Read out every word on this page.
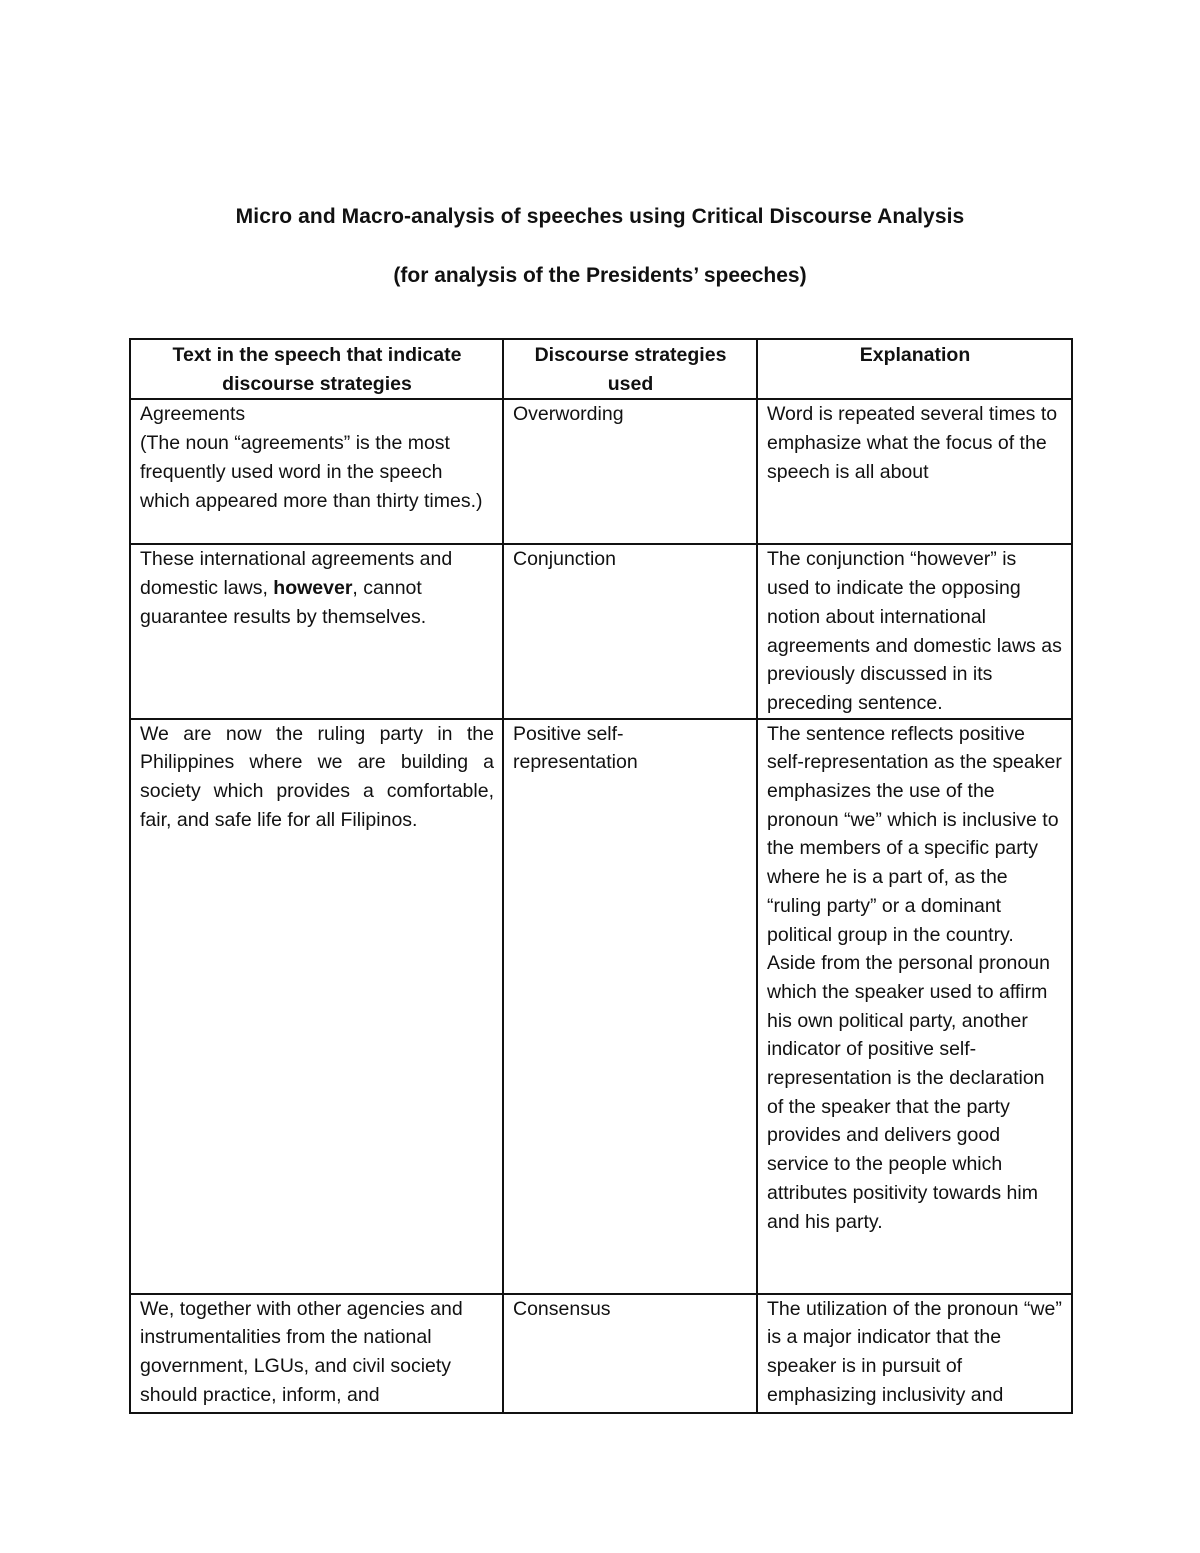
Micro and Macro-analysis of speeches using Critical Discourse Analysis
(for analysis of the Presidents’ speeches)
Text in the speech that indicate discourse strategies	Discourse strategies used	Explanation

Agreements
(The noun “agreements” is the most frequently used word in the speech which appeared more than thirty times.)	Overwording	Word is repeated several times to emphasize what the focus of the speech is all about
These international agreements and domestic laws, however, cannot guarantee results by themselves.	Conjunction	The conjunction “however” is used to indicate the opposing notion about international agreements and domestic laws as previously discussed in its preceding sentence.
We are now the ruling party in the Philippines where we are building a society which provides a comfortable, fair, and safe life for all Filipinos.	Positive self-representation	The sentence reflects positive self-representation as the speaker emphasizes the use of the pronoun “we” which is inclusive to the members of a specific party where he is a part of, as the “ruling party” or a dominant political group in the country. Aside from the personal pronoun which the speaker used to affirm his own political party, another indicator of positive self-representation is the declaration of the speaker that the party provides and delivers good service to the people which attributes positivity towards him and his party.
We, together with other agencies and instrumentalities from the national government, LGUs, and civil society should practice, inform, and	Consensus	The utilization of the pronoun “we” is a major indicator that the speaker is in pursuit of emphasizing inclusivity and
